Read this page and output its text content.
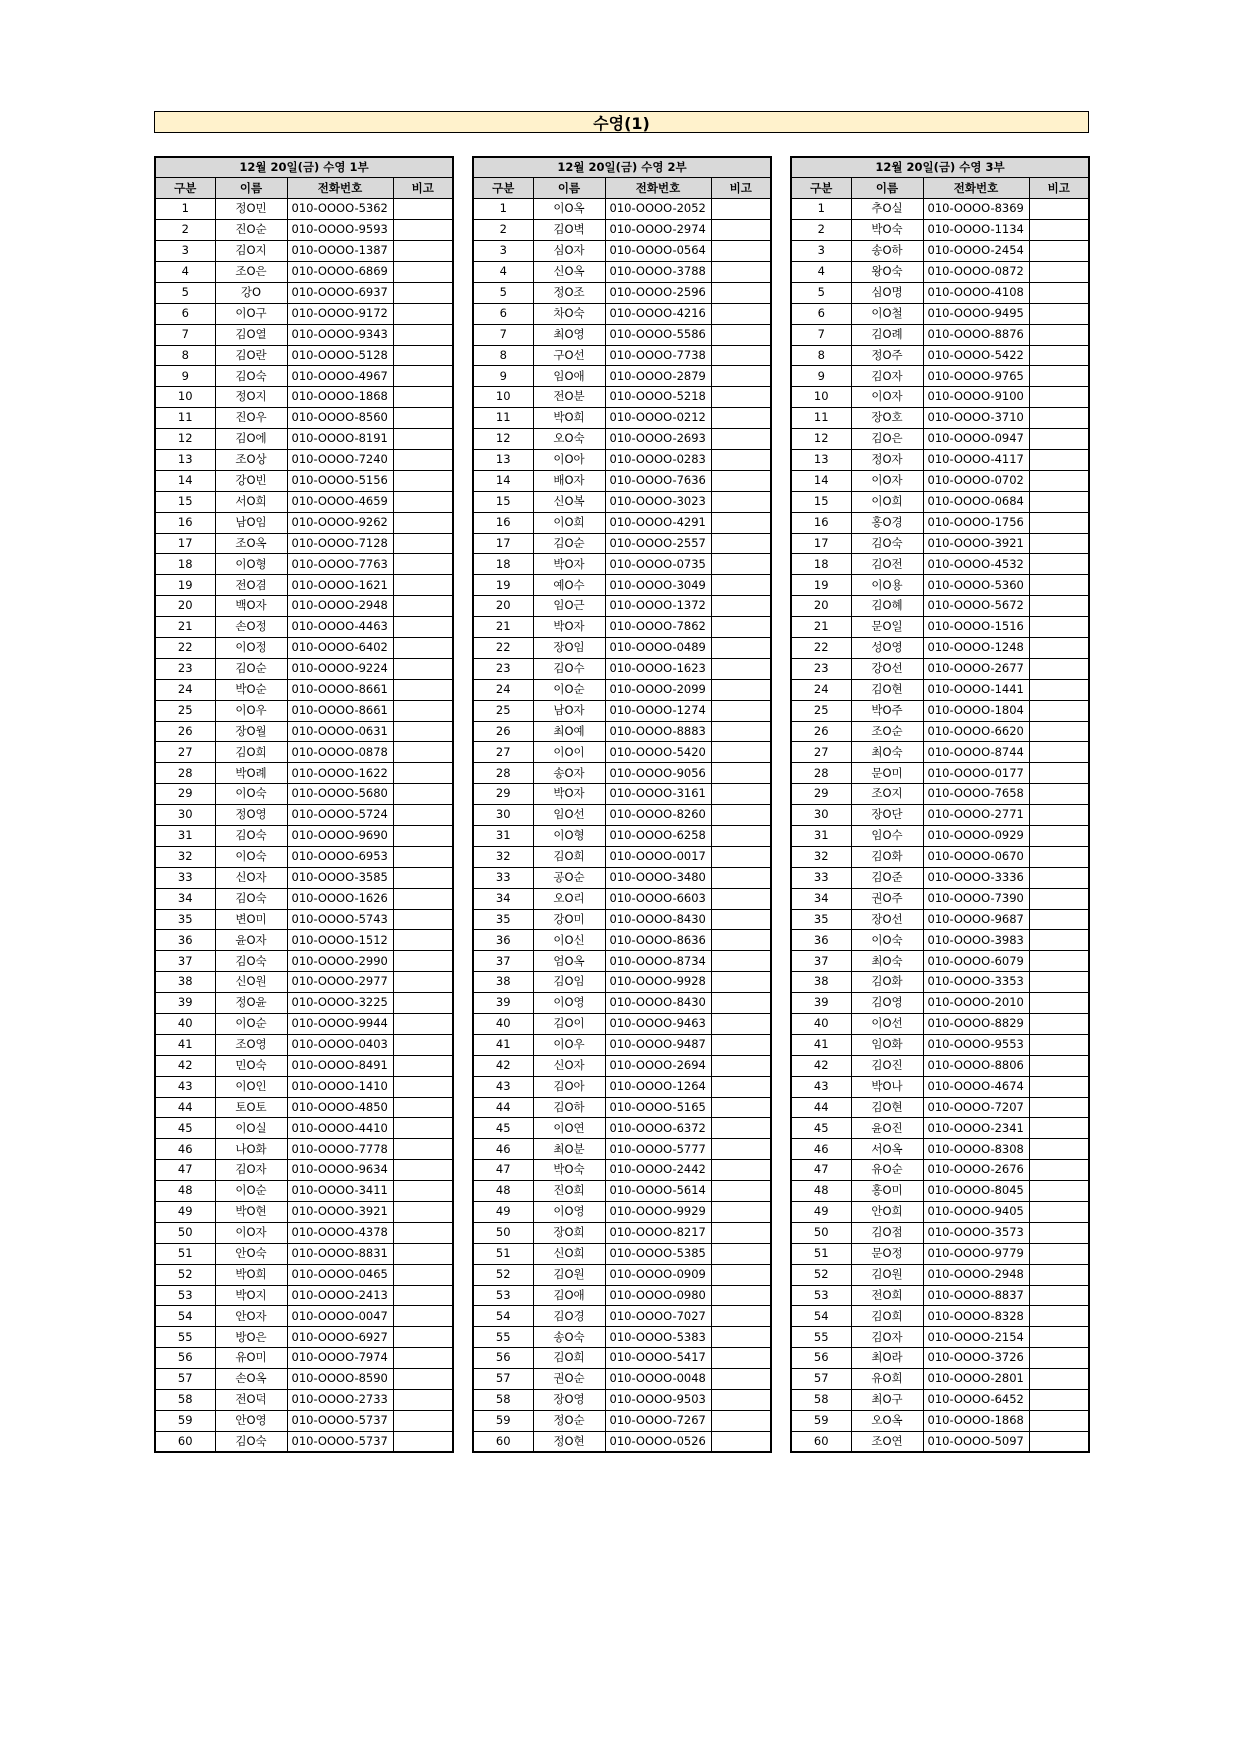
수영(1)
12월 20일(금) 수영 1부			
구분	이름	전화번호	비고
1	정O민	010-OOOO-5362	
2	진O순	010-OOOO-9593	
3	김O지	010-OOOO-1387	
4	조O은	010-OOOO-6869	
5	강O	010-OOOO-6937	
6	이O구	010-OOOO-9172	
7	김O열	010-OOOO-9343	
8	김O란	010-OOOO-5128	
9	김O숙	010-OOOO-4967	
10	정O지	010-OOOO-1868	
11	진O우	010-OOOO-8560	
12	김O에	010-OOOO-8191	
13	조O상	010-OOOO-7240	
14	강O빈	010-OOOO-5156	
15	서O희	010-OOOO-4659	
16	남O임	010-OOOO-9262	
17	조O옥	010-OOOO-7128	
18	이O형	010-OOOO-7763	
19	전O겸	010-OOOO-1621	
20	백O자	010-OOOO-2948	
21	손O정	010-OOOO-4463	
22	이O정	010-OOOO-6402	
23	김O순	010-OOOO-9224	
24	박O순	010-OOOO-8661	
25	이O우	010-OOOO-8661	
26	장O월	010-OOOO-0631	
27	김O희	010-OOOO-0878	
28	박O례	010-OOOO-1622	
29	이O숙	010-OOOO-5680	
30	정O영	010-OOOO-5724	
31	김O숙	010-OOOO-9690	
32	이O숙	010-OOOO-6953	
33	신O자	010-OOOO-3585	
34	김O숙	010-OOOO-1626	
35	변O미	010-OOOO-5743	
36	윤O자	010-OOOO-1512	
37	김O숙	010-OOOO-2990	
38	신O원	010-OOOO-2977	
39	정O윤	010-OOOO-3225	
40	이O순	010-OOOO-9944	
41	조O영	010-OOOO-0403	
42	민O숙	010-OOOO-8491	
43	이O인	010-OOOO-1410	
44	토O토	010-OOOO-4850	
45	이O실	010-OOOO-4410	
46	나O화	010-OOOO-7778	
47	김O자	010-OOOO-9634	
48	이O순	010-OOOO-3411	
49	박O현	010-OOOO-3921	
50	이O자	010-OOOO-4378	
51	안O숙	010-OOOO-8831	
52	박O희	010-OOOO-0465	
53	박O지	010-OOOO-2413	
54	안O자	010-OOOO-0047	
55	방O은	010-OOOO-6927	
56	유O미	010-OOOO-7974	
57	손O옥	010-OOOO-8590	
58	전O덕	010-OOOO-2733	
59	안O영	010-OOOO-5737	
60	김O숙	010-OOOO-5737	
12월 20일(금) 수영 2부			
구분	이름	전화번호	비고
1	이O옥	010-OOOO-2052	
2	김O벽	010-OOOO-2974	
3	심O자	010-OOOO-0564	
4	신O옥	010-OOOO-3788	
5	정O조	010-OOOO-2596	
6	차O숙	010-OOOO-4216	
7	최O영	010-OOOO-5586	
8	구O선	010-OOOO-7738	
9	임O애	010-OOOO-2879	
10	전O분	010-OOOO-5218	
11	박O희	010-OOOO-0212	
12	오O숙	010-OOOO-2693	
13	이O아	010-OOOO-0283	
14	배O자	010-OOOO-7636	
15	신O복	010-OOOO-3023	
16	이O희	010-OOOO-4291	
17	김O순	010-OOOO-2557	
18	박O자	010-OOOO-0735	
19	예O수	010-OOOO-3049	
20	임O근	010-OOOO-1372	
21	박O자	010-OOOO-7862	
22	장O임	010-OOOO-0489	
23	김O수	010-OOOO-1623	
24	이O순	010-OOOO-2099	
25	남O자	010-OOOO-1274	
26	최O예	010-OOOO-8883	
27	이O이	010-OOOO-5420	
28	송O자	010-OOOO-9056	
29	박O자	010-OOOO-3161	
30	임O선	010-OOOO-8260	
31	이O형	010-OOOO-6258	
32	김O희	010-OOOO-0017	
33	공O순	010-OOOO-3480	
34	오O리	010-OOOO-6603	
35	강O미	010-OOOO-8430	
36	이O신	010-OOOO-8636	
37	엄O옥	010-OOOO-8734	
38	김O임	010-OOOO-9928	
39	이O영	010-OOOO-8430	
40	김O이	010-OOOO-9463	
41	이O우	010-OOOO-9487	
42	신O자	010-OOOO-2694	
43	김O아	010-OOOO-1264	
44	김O하	010-OOOO-5165	
45	이O연	010-OOOO-6372	
46	최O분	010-OOOO-5777	
47	박O숙	010-OOOO-2442	
48	진O희	010-OOOO-5614	
49	이O영	010-OOOO-9929	
50	장O희	010-OOOO-8217	
51	신O희	010-OOOO-5385	
52	김O원	010-OOOO-0909	
53	김O애	010-OOOO-0980	
54	김O경	010-OOOO-7027	
55	송O숙	010-OOOO-5383	
56	김O희	010-OOOO-5417	
57	권O순	010-OOOO-0048	
58	장O영	010-OOOO-9503	
59	정O순	010-OOOO-7267	
60	정O현	010-OOOO-0526	
12월 20일(금) 수영 3부			
구분	이름	전화번호	비고
1	추O실	010-OOOO-8369	
2	박O숙	010-OOOO-1134	
3	송O하	010-OOOO-2454	
4	왕O숙	010-OOOO-0872	
5	심O명	010-OOOO-4108	
6	이O철	010-OOOO-9495	
7	김O례	010-OOOO-8876	
8	정O주	010-OOOO-5422	
9	김O자	010-OOOO-9765	
10	이O자	010-OOOO-9100	
11	장O호	010-OOOO-3710	
12	김O은	010-OOOO-0947	
13	정O자	010-OOOO-4117	
14	이O자	010-OOOO-0702	
15	이O희	010-OOOO-0684	
16	홍O경	010-OOOO-1756	
17	김O숙	010-OOOO-3921	
18	김O전	010-OOOO-4532	
19	이O용	010-OOOO-5360	
20	김O혜	010-OOOO-5672	
21	문O일	010-OOOO-1516	
22	성O영	010-OOOO-1248	
23	강O선	010-OOOO-2677	
24	김O현	010-OOOO-1441	
25	박O주	010-OOOO-1804	
26	조O순	010-OOOO-6620	
27	최O숙	010-OOOO-8744	
28	문O미	010-OOOO-0177	
29	조O지	010-OOOO-7658	
30	장O단	010-OOOO-2771	
31	임O수	010-OOOO-0929	
32	김O화	010-OOOO-0670	
33	김O준	010-OOOO-3336	
34	권O주	010-OOOO-7390	
35	장O선	010-OOOO-9687	
36	이O숙	010-OOOO-3983	
37	최O숙	010-OOOO-6079	
38	김O화	010-OOOO-3353	
39	김O영	010-OOOO-2010	
40	이O선	010-OOOO-8829	
41	임O화	010-OOOO-9553	
42	김O진	010-OOOO-8806	
43	박O나	010-OOOO-4674	
44	김O현	010-OOOO-7207	
45	윤O진	010-OOOO-2341	
46	서O옥	010-OOOO-8308	
47	유O순	010-OOOO-2676	
48	홍O미	010-OOOO-8045	
49	안O희	010-OOOO-9405	
50	김O점	010-OOOO-3573	
51	문O정	010-OOOO-9779	
52	김O원	010-OOOO-2948	
53	전O희	010-OOOO-8837	
54	김O희	010-OOOO-8328	
55	김O자	010-OOOO-2154	
56	최O라	010-OOOO-3726	
57	유O희	010-OOOO-2801	
58	최O구	010-OOOO-6452	
59	오O옥	010-OOOO-1868	
60	조O연	010-OOOO-5097	
